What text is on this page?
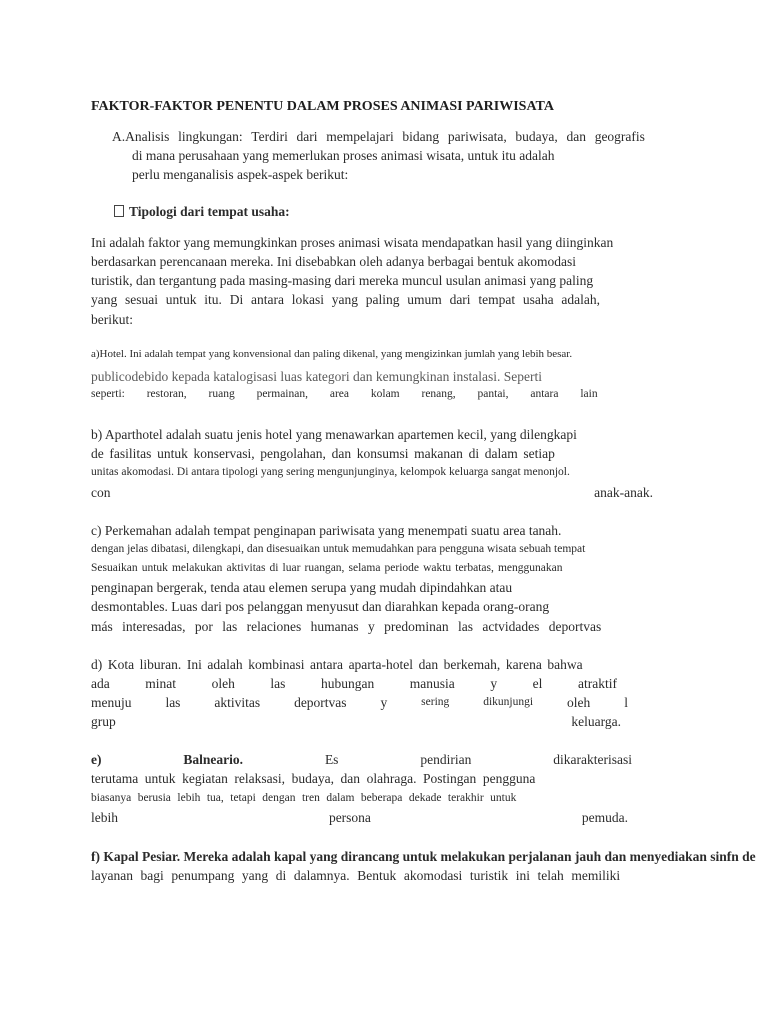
FAKTOR-FAKTOR PENENTU DALAM PROSES ANIMASI PARIWISATA

A.Analisis lingkungan: Terdiri dari mempelajari bidang pariwisata, budaya, dan geografis

di mana perusahaan yang memerlukan proses animasi wisata, untuk itu adalah

perlu menganalisis aspek-aspek berikut:

Tipologi dari tempat usaha:

Ini adalah faktor yang memungkinkan proses animasi wisata mendapatkan hasil yang diinginkan

berdasarkan perencanaan mereka. Ini disebabkan oleh adanya berbagai bentuk akomodasi

turistik, dan tergantung pada masing-masing dari mereka muncul usulan animasi yang paling

yang sesuai untuk itu. Di antara lokasi yang paling umum dari tempat usaha adalah,

berikut:

a)Hotel. Ini adalah tempat yang konvensional dan paling dikenal, yang mengizinkan jumlah yang lebih besar.

publicodebido kepada katalogisasi luas kategori dan kemungkinan instalasi. Seperti

seperti: restoran, ruang permainan, area kolam renang, pantai, antara lain

b) Aparthotel adalah suatu jenis hotel yang menawarkan apartemen kecil, yang dilengkapi

de fasilitas untuk konservasi, pengolahan, dan konsumsi makanan di dalam setiap

unitas akomodasi. Di antara tipologi yang sering mengunjunginya, kelompok keluarga sangat menonjol.

con	anak-anak.

c) Perkemahan adalah tempat penginapan pariwisata yang menempati suatu area tanah.

dengan jelas dibatasi, dilengkapi, dan disesuaikan untuk memudahkan para pengguna wisata sebuah tempat

Sesuaikan untuk melakukan aktivitas di luar ruangan, selama periode waktu terbatas, menggunakan

penginapan bergerak, tenda atau elemen serupa yang mudah dipindahkan atau

desmontables. Luas dari pos pelanggan menyusut dan diarahkan kepada orang-orang

más interesadas, por las relaciones humanas y predominan las actvidades deportvas

d) Kota liburan. Ini adalah kombinasi antara aparta-hotel dan berkemah, karena bahwa

ada	minat	oleh	las	hubungan	manusia	y	el	atraktif

menuju	las	aktivitas	deportvas	y	sering	dikunjungi	oleh	l

grup	keluarga.

e)	Balneario.	Es	pendirian	dikarakterisasi

terutama untuk kegiatan relaksasi, budaya, dan olahraga. Postingan pengguna

biasanya berusia lebih tua, tetapi dengan tren dalam beberapa dekade terakhir untuk

lebih	persona	pemuda.

f) Kapal Pesiar. Mereka adalah kapal yang dirancang untuk melakukan perjalanan jauh dan menyediakan sinfn de

layanan bagi penumpang yang di dalamnya. Bentuk akomodasi turistik ini telah memiliki
